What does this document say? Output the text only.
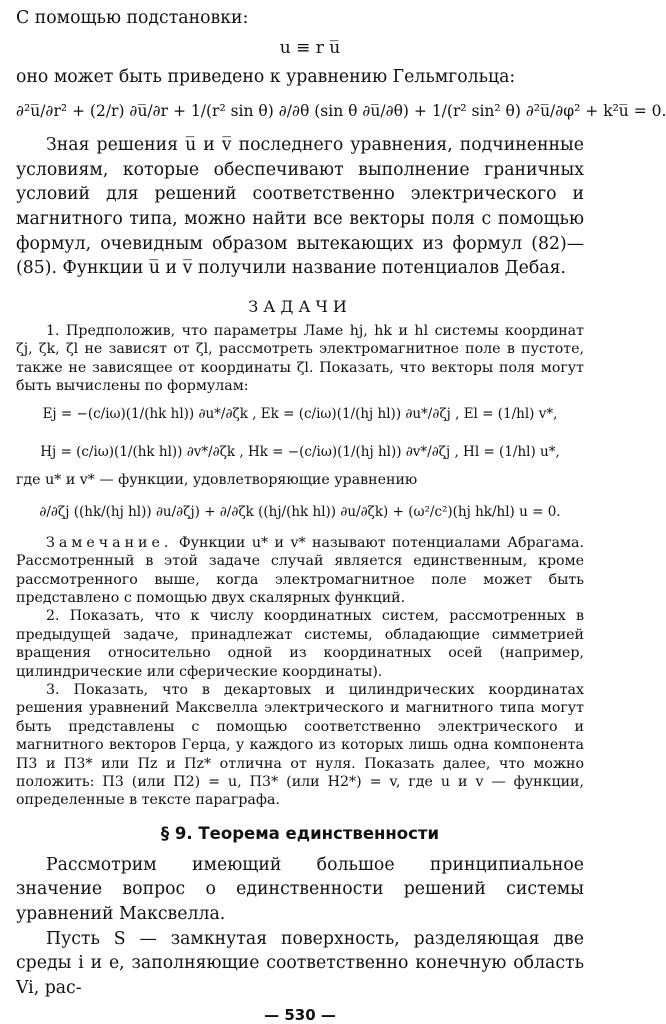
С помощью подстановки:

u ≡ r u̅

оно может быть приведено к уравнению Гельмгольца:

∂²u̅/∂r² + (2/r) ∂u̅/∂r + 1/(r² sin θ) ∂/∂θ (sin θ ∂u̅/∂θ) + 1/(r² sin² θ) ∂²u̅/∂φ² + k²u̅ = 0.

Зная решения u̅ и v̅ последнего уравнения, подчиненные условиям, которые обеспечивают выполнение граничных условий для решений соответственно электрического и магнитного типа, можно найти все векторы поля с помощью формул, очевидным образом вытекающих из формул (82)—(85). Функции u̅ и v̅ получили название потенциалов Дебая.

ЗАДАЧИ

1. Предположив, что параметры Ламе hj, hk и hl системы координат ζj, ζk, ζl не зависят от ζl, рассмотреть электромагнитное поле в пустоте, также не зависящее от координаты ζl. Показать, что векторы поля могут быть вычислены по формулам:

Ej = −(c/iω)(1/(hk hl)) ∂u*/∂ζk , Ek = (c/iω)(1/(hj hl)) ∂u*/∂ζj , El = (1/hl) v*,
Hj = (c/iω)(1/(hk hl)) ∂v*/∂ζk , Hk = −(c/iω)(1/(hj hl)) ∂v*/∂ζj , Hl = (1/hl) u*,

где u* и v* — функции, удовлетворяющие уравнению

∂/∂ζj ((hk/(hj hl)) ∂u/∂ζj) + ∂/∂ζk ((hj/(hk hl)) ∂u/∂ζk) + (ω²/c²)(hj hk/hl) u = 0.

Замечание. Функции u* и v* называют потенциалами Абрагама. Рассмотренный в этой задаче случай является единственным, кроме рассмотренного выше, когда электромагнитное поле может быть представлено с помощью двух скалярных функций.

2. Показать, что к числу координатных систем, рассмотренных в предыдущей задаче, принадлежат системы, обладающие симметрией вращения относительно одной из координатных осей (например, цилиндрические или сферические координаты).

3. Показать, что в декартовых и цилиндрических координатах решения уравнений Максвелла электрического и магнитного типа могут быть представлены с помощью соответственно электрического и магнитного векторов Герца, у каждого из которых лишь одна компонента Π3 и Π3* или Πz и Πz* отлична от нуля. Показать далее, что можно положить: Π3 (или Π̇2) = u, Π3* (или H2*) = v, где u и v — функции, определенные в тексте параграфа.

§ 9. Теорема единственности

Рассмотрим имеющий большое принципиальное значение вопрос о единственности решений системы уравнений Максвелла.

Пусть S — замкнутая поверхность, разделяющая две среды i и e, заполняющие соответственно конечную область Vi, рас-

— 530 —
